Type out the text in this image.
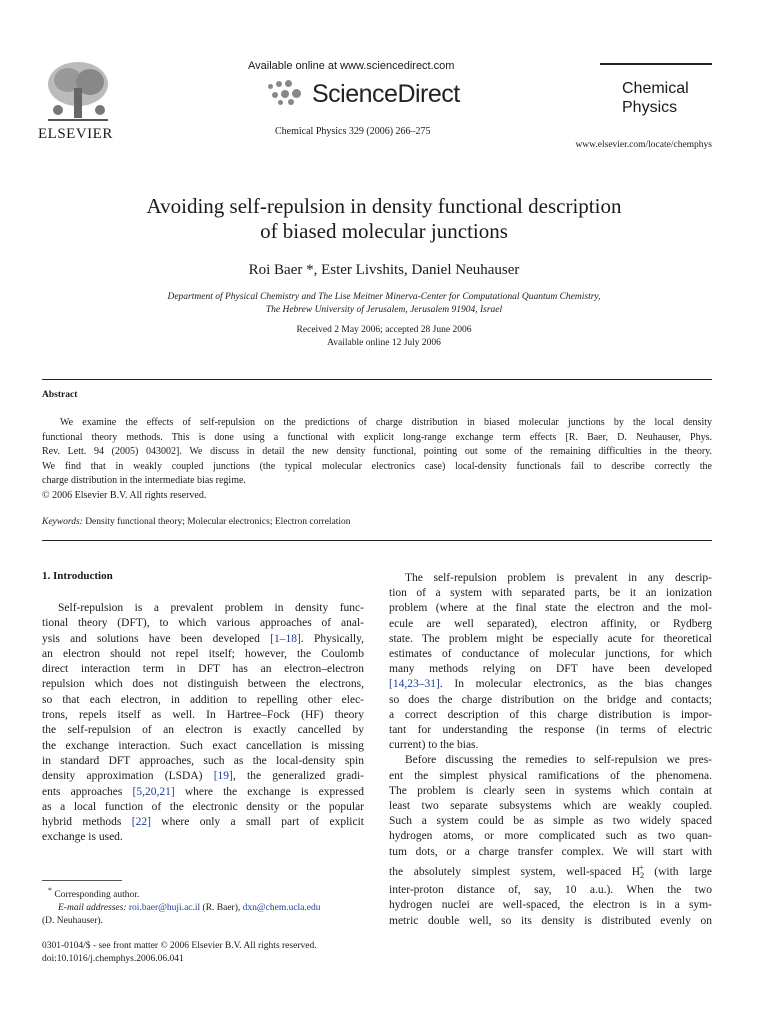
ELSEVIER
Available online at www.sciencedirect.com
ScienceDirect
Chemical Physics 329 (2006) 266–275
Chemical
Physics
www.elsevier.com/locate/chemphys
Avoiding self-repulsion in density functional description
of biased molecular junctions
Roi Baer *, Ester Livshits, Daniel Neuhauser
Department of Physical Chemistry and The Lise Meitner Minerva-Center for Computational Quantum Chemistry,
The Hebrew University of Jerusalem, Jerusalem 91904, Israel
Received 2 May 2006; accepted 28 June 2006
Available online 12 July 2006
Abstract
We examine the effects of self-repulsion on the predictions of charge distribution in biased molecular junctions by the local density
functional theory methods. This is done using a functional with explicit long-range exchange term effects [R. Baer, D. Neuhauser, Phys.
Rev. Lett. 94 (2005) 043002]. We discuss in detail the new density functional, pointing out some of the remaining difficulties in the theory.
We find that in weakly coupled junctions (the typical molecular electronics case) local-density functionals fail to describe correctly the
charge distribution in the intermediate bias regime.
© 2006 Elsevier B.V. All rights reserved.
Keywords: Density functional theory; Molecular electronics; Electron correlation
1. Introduction

Self-repulsion is a prevalent problem in density func-

tional theory (DFT), to which various approaches of anal-

ysis and solutions have been developed [1–18]. Physically,

an electron should not repel itself; however, the Coulomb

direct interaction term in DFT has an electron–electron

repulsion which does not distinguish between the electrons,

so that each electron, in addition to repelling other elec-

trons, repels itself as well. In Hartree–Fock (HF) theory

the self-repulsion of an electron is exactly cancelled by

the exchange interaction. Such exact cancellation is missing

in standard DFT approaches, such as the local-density spin

density approximation (LSDA) [19], the generalized gradi-

ents approaches [5,20,21] where the exchange is expressed

as a local function of the electronic density or the popular

hybrid methods [22] where only a small part of explicit

exchange is used.

* Corresponding author.
E-mail addresses: roi.baer@huji.ac.il (R. Baer), dxn@chem.ucla.edu
(D. Neuhauser).
0301-0104/$ - see front matter © 2006 Elsevier B.V. All rights reserved.
doi:10.1016/j.chemphys.2006.06.041

The self-repulsion problem is prevalent in any descrip-

tion of a system with separated parts, be it an ionization

problem (where at the final state the electron and the mol-

ecule are well separated), electron affinity, or Rydberg

state. The problem might be especially acute for theoretical

estimates of conductance of molecular junctions, for which

many methods relying on DFT have been developed

[14,23–31]. In molecular electronics, as the bias changes

so does the charge distribution on the bridge and contacts;

a correct description of this charge distribution is impor-

tant for understanding the response (in terms of electric

current) to the bias.

Before discussing the remedies to self-repulsion we pres-

ent the simplest physical ramifications of the phenomena.

The problem is clearly seen in systems which contain at

least two separate subsystems which are weakly coupled.

Such a system could be as simple as two widely spaced

hydrogen atoms, or more complicated such as two quan-

tum dots, or a charge transfer complex. We will start with

the absolutely simplest system, well-spaced $H_2^+$ (with large

inter-proton distance of, say, 10 a.u.). When the two

hydrogen nuclei are well-spaced, the electron is in a sym-

metric double well, so its density is distributed evenly on
